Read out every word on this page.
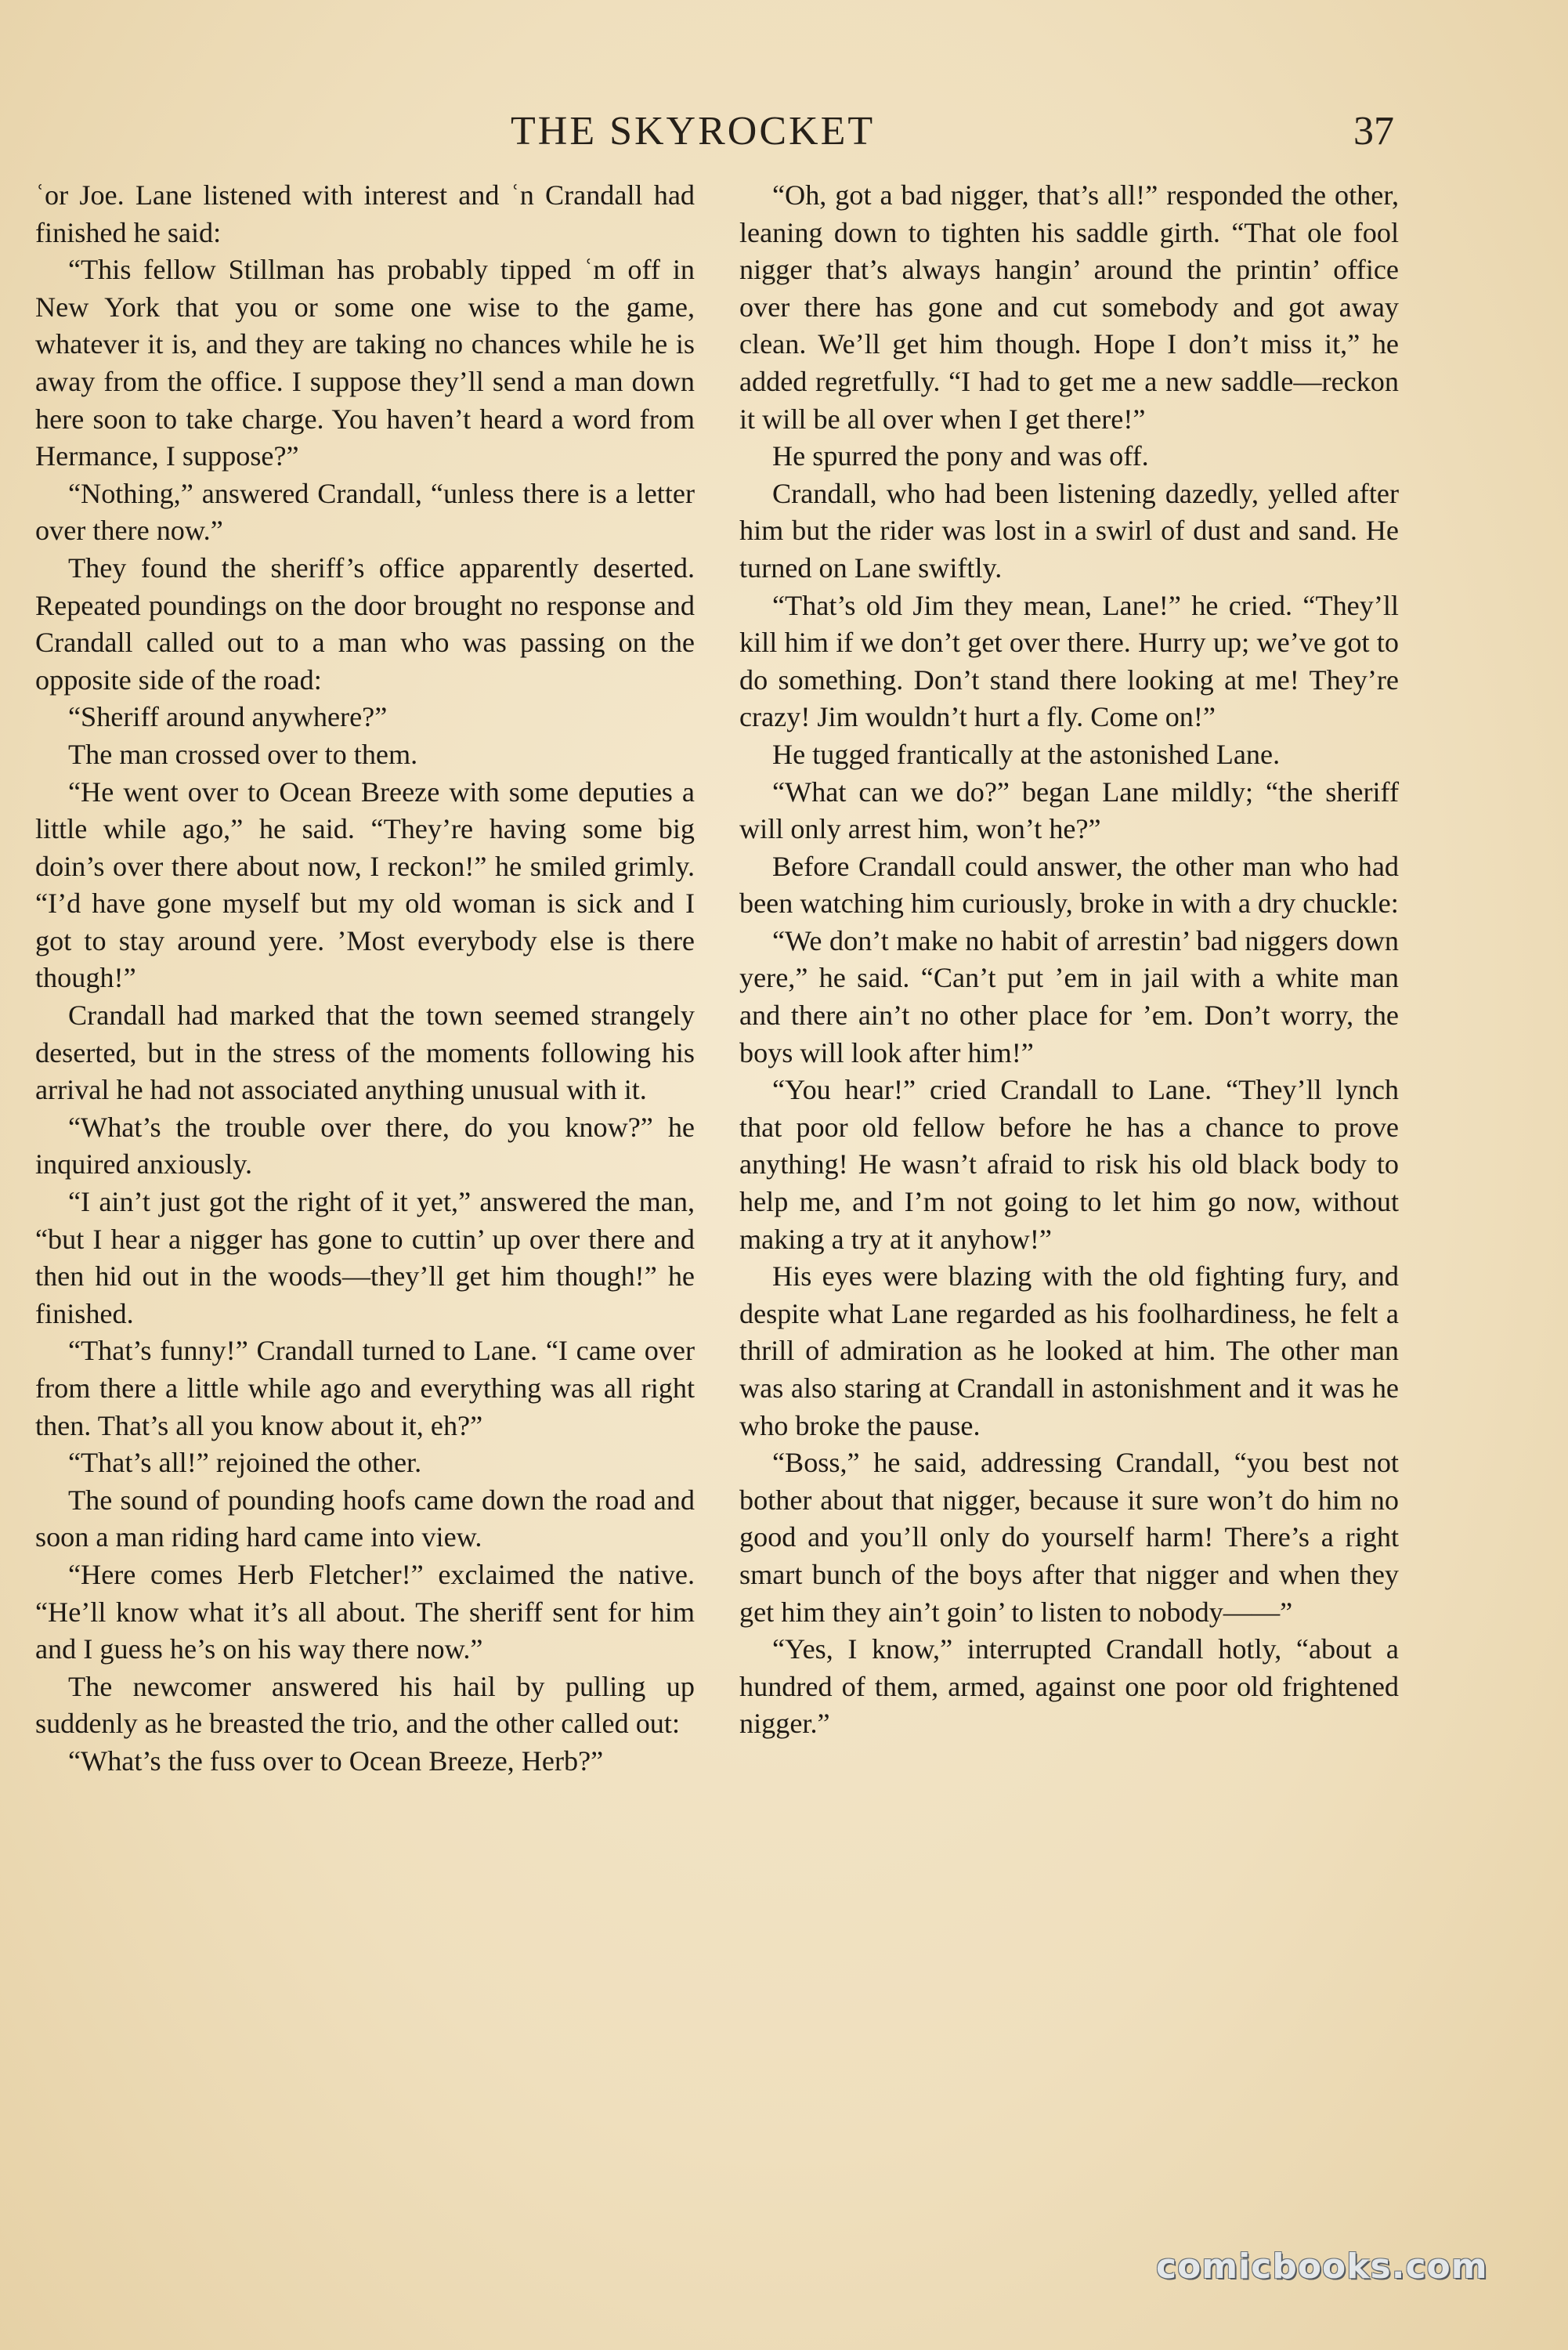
THE SKYROCKET	37

ʿor Joe. Lane listened with interest and ʿn Crandall had finished he said:

“This fellow Stillman has probably tipped ʿm off in New York that you or some one wise to the game, whatever it is, and they are taking no chances while he is away from the office. I suppose they’ll send a man down here soon to take charge. You haven’t heard a word from Hermance, I suppose?”

“Nothing,” answered Crandall, “unless there is a letter over there now.”

They found the sheriff’s office apparently deserted. Repeated poundings on the door brought no response and Crandall called out to a man who was passing on the opposite side of the road:

“Sheriff around anywhere?”

The man crossed over to them.

“He went over to Ocean Breeze with some deputies a little while ago,” he said. “They’re having some big doin’s over there about now, I reckon!” he smiled grimly. “I’d have gone myself but my old woman is sick and I got to stay around yere. ’Most everybody else is there though!”

Crandall had marked that the town seemed strangely deserted, but in the stress of the moments following his arrival he had not associated anything unusual with it.

“What’s the trouble over there, do you know?” he inquired anxiously.

“I ain’t just got the right of it yet,” answered the man, “but I hear a nigger has gone to cuttin’ up over there and then hid out in the woods—they’ll get him though!” he finished.

“That’s funny!” Crandall turned to Lane. “I came over from there a little while ago and everything was all right then. That’s all you know about it, eh?”

“That’s all!” rejoined the other.

The sound of pounding hoofs came down the road and soon a man riding hard came into view.

“Here comes Herb Fletcher!” exclaimed the native. “He’ll know what it’s all about. The sheriff sent for him and I guess he’s on his way there now.”

The newcomer answered his hail by pulling up suddenly as he breasted the trio, and the other called out:

“What’s the fuss over to Ocean Breeze, Herb?”

“Oh, got a bad nigger, that’s all!” responded the other, leaning down to tighten his saddle girth. “That ole fool nigger that’s always hangin’ around the printin’ office over there has gone and cut somebody and got away clean. We’ll get him though. Hope I don’t miss it,” he added regretfully. “I had to get me a new saddle—reckon it will be all over when I get there!”

He spurred the pony and was off.

Crandall, who had been listening dazedly, yelled after him but the rider was lost in a swirl of dust and sand. He turned on Lane swiftly.

“That’s old Jim they mean, Lane!” he cried. “They’ll kill him if we don’t get over there. Hurry up; we’ve got to do something. Don’t stand there looking at me! They’re crazy! Jim wouldn’t hurt a fly. Come on!”

He tugged frantically at the astonished Lane.

“What can we do?” began Lane mildly; “the sheriff will only arrest him, won’t he?”

Before Crandall could answer, the other man who had been watching him curiously, broke in with a dry chuckle:

“We don’t make no habit of arrestin’ bad niggers down yere,” he said. “Can’t put ’em in jail with a white man and there ain’t no other place for ’em. Don’t worry, the boys will look after him!”

“You hear!” cried Crandall to Lane. “They’ll lynch that poor old fellow before he has a chance to prove anything! He wasn’t afraid to risk his old black body to help me, and I’m not going to let him go now, without making a try at it anyhow!”

His eyes were blazing with the old fighting fury, and despite what Lane regarded as his foolhardiness, he felt a thrill of admiration as he looked at him. The other man was also staring at Crandall in astonishment and it was he who broke the pause.

“Boss,” he said, addressing Crandall, “you best not bother about that nigger, because it sure won’t do him no good and you’ll only do yourself harm! There’s a right smart bunch of the boys after that nigger and when they get him they ain’t goin’ to listen to nobody——”

“Yes, I know,” interrupted Crandall hotly, “about a hundred of them, armed, against one poor old frightened nigger.”

comicbooks.com
